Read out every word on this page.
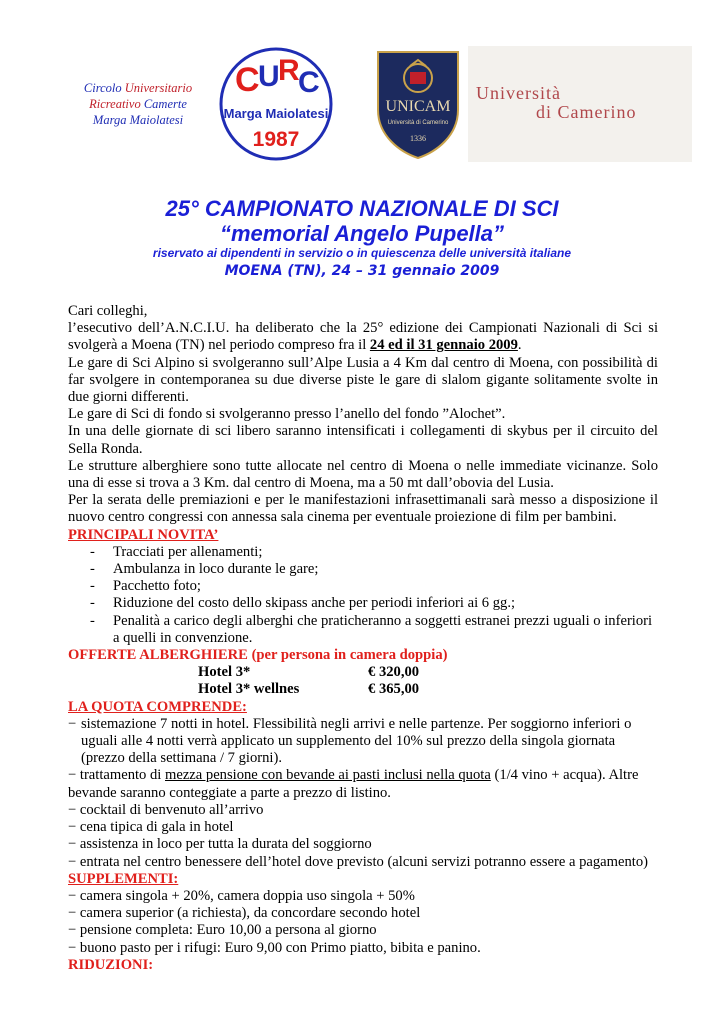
Circolo Universitario
Ricreativo Camerte
Marga Maiolatesi
C
U
R
C
Marga Maiolatesi
1987
UNICAM
Università di Camerino
1336
Università
di Camerino
25° CAMPIONATO NAZIONALE DI SCI
“memorial Angelo Pupella”
riservato ai dipendenti in servizio o in quiescenza delle università italiane
MOENA (TN), 24 – 31 gennaio 2009

Cari colleghi,

l’esecutivo dell’A.N.C.I.U. ha deliberato che la 25° edizione dei Campionati Nazionali di Sci si svolgerà a Moena (TN) nel periodo compreso fra il 24 ed il 31 gennaio 2009.

Le gare di Sci Alpino si svolgeranno sull’Alpe Lusia a 4 Km dal centro di Moena, con possibilità di far svolgere in contemporanea su due diverse piste le gare di slalom gigante solitamente svolte in due giorni differenti.

Le gare di Sci di fondo si svolgeranno presso l’anello del fondo ”Alochet”.

In una delle giornate di sci libero saranno intensificati i collegamenti di skybus per il circuito del Sella Ronda.

Le strutture alberghiere sono tutte allocate nel centro di Moena o nelle immediate vicinanze. Solo una di esse si trova a 3 Km. dal centro di Moena, ma a 50 mt dall’obovia del Lusia.

Per la serata delle premiazioni e per le manifestazioni infrasettimanali sarà messo a disposizione il nuovo centro congressi con annessa sala cinema per eventuale proiezione di film per bambini.

PRINCIPALI NOVITA’

- Tracciati per allenamenti;
- Ambulanza in loco durante le gare;
- Pacchetto foto;
- Riduzione del costo dello skipass anche per periodi inferiori ai 6 gg.;
- Penalità a carico degli alberghi che praticheranno a soggetti estranei prezzi uguali o inferiori a quelli in convenzione.

OFFERTE ALBERGHIERE (per persona in camera doppia)

Hotel 3*	€ 320,00
Hotel 3* wellnes	€ 365,00

LA QUOTA COMPRENDE:

− sistemazione 7 notti in hotel. Flessibilità negli arrivi e nelle partenze. Per soggiorno inferiori o uguali alle 4 notti verrà applicato un supplemento del 10% sul prezzo della singola giornata (prezzo della settimana / 7 giorni).

− trattamento di mezza pensione con bevande ai pasti inclusi nella quota (1/4 vino + acqua). Altre bevande saranno conteggiate a parte a prezzo di listino.

− cocktail di benvenuto all’arrivo

− cena tipica di gala in hotel

− assistenza in loco per tutta la durata del soggiorno

− entrata nel centro benessere dell’hotel dove previsto (alcuni servizi potranno essere a pagamento)

SUPPLEMENTI:

− camera singola + 20%, camera doppia uso singola + 50%

− camera superior (a richiesta), da concordare secondo hotel

− pensione completa: Euro 10,00 a persona al giorno

− buono pasto per i rifugi: Euro 9,00 con Primo piatto, bibita e panino.

RIDUZIONI:
